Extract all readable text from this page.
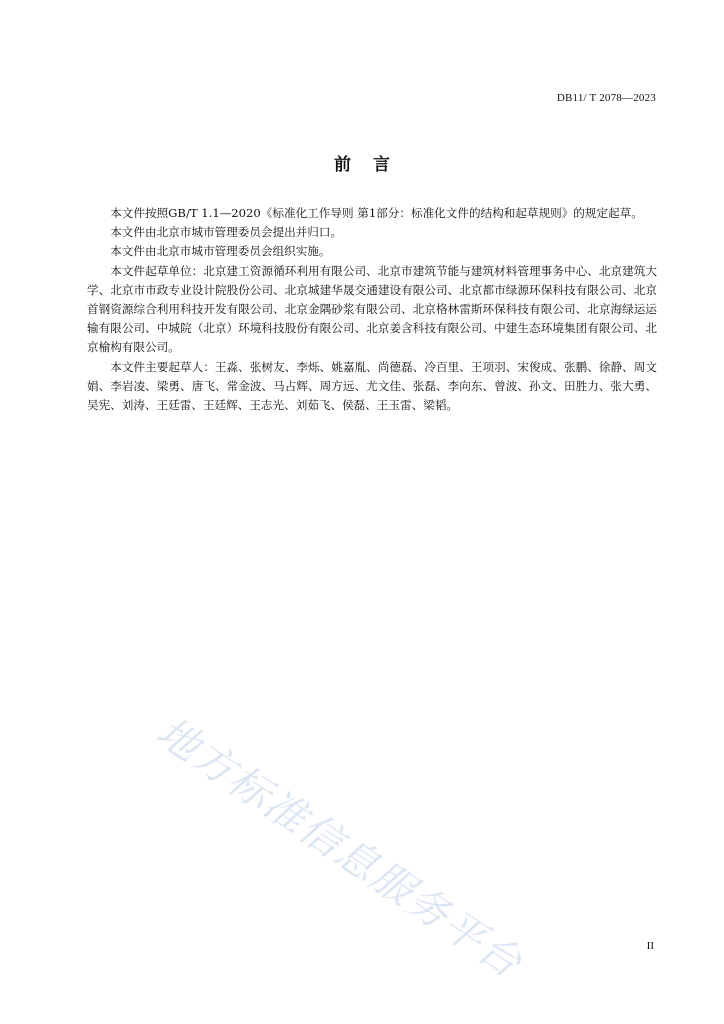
DB11/ T 2078—2023
前言

本文件按照GB/T 1.1—2020《标准化工作导则 第1部分：标准化文件的结构和起草规则》的规定起草。

本文件由北京市城市管理委员会提出并归口。

本文件由北京市城市管理委员会组织实施。

本文件起草单位：北京建工资源循环利用有限公司、北京市建筑节能与建筑材料管理事务中心、北京建筑大学、北京市市政专业设计院股份公司、北京城建华晟交通建设有限公司、北京都市绿源环保科技有限公司、北京首钢资源综合利用科技开发有限公司、北京金隅砂浆有限公司、北京格林雷斯环保科技有限公司、北京海绿运运输有限公司、中城院（北京）环境科技股份有限公司、北京姜含科技有限公司、中建生态环境集团有限公司、北京榆构有限公司。

本文件主要起草人：王淼、张树友、李烁、姚嘉胤、尚德磊、冷百里、王项羽、宋俊成、张鹏、徐静、周文娟、李岩凌、梁勇、唐飞、常金波、马占辉、周方远、尤文佳、张磊、李向东、曾波、孙文、田胜力、张大勇、吴宪、刘涛、王廷雷、王廷辉、王志光、刘茹飞、侯磊、王玉雷、梁韬。

地方标准信息服务平台	II
